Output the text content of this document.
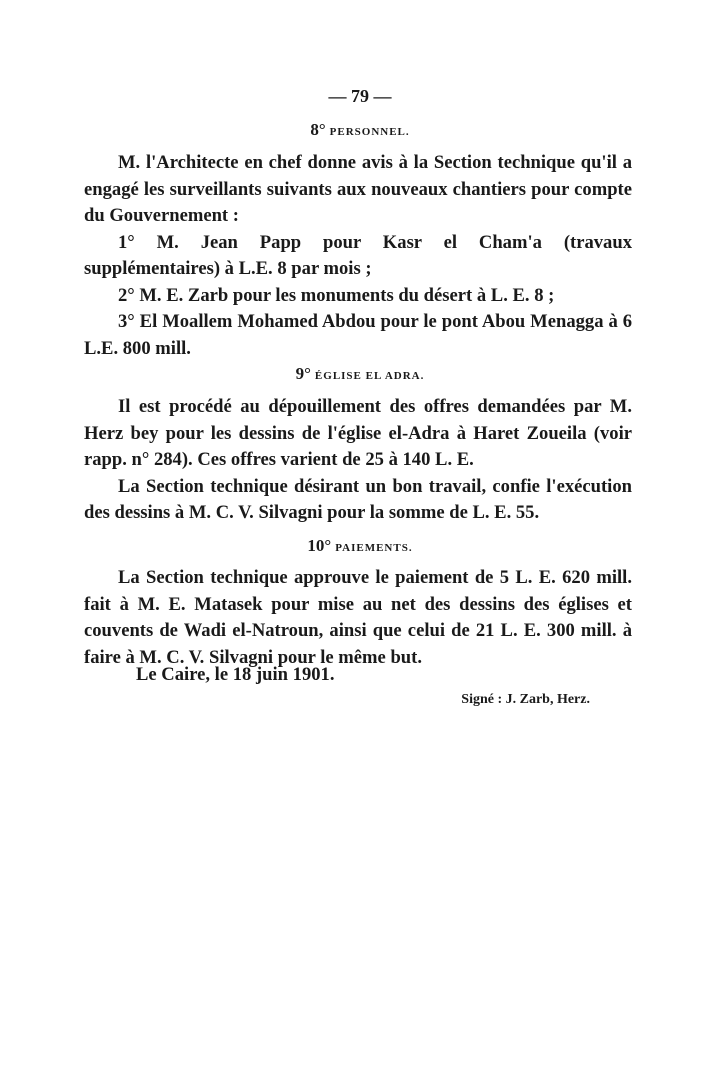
— 79 —
8° PERSONNEL.

M. l'Architecte en chef donne avis à la Section technique qu'il a engagé les surveillants suivants aux nouveaux chantiers pour compte du Gouvernement :

1° M. Jean Papp pour Kasr el Cham'a (travaux supplémentaires) à L.E. 8 par mois ;

2° M. E. Zarb pour les monuments du désert à L. E. 8 ;

3° El Moallem Mohamed Abdou pour le pont Abou Menagga à 6 L.E. 800 mill.

9° ÉGLISE EL ADRA.

Il est procédé au dépouillement des offres demandées par M. Herz bey pour les dessins de l'église el-Adra à Haret Zoueila (voir rapp. n° 284). Ces offres varient de 25 à 140 L. E.

La Section technique désirant un bon travail, confie l'exécution des dessins à M. C. V. Silvagni pour la somme de L. E. 55.

10° PAIEMENTS.

La Section technique approuve le paiement de 5 L. E. 620 mill. fait à M. E. Matasek pour mise au net des dessins des églises et couvents de Wadi el-Natroun, ainsi que celui de 21 L. E. 300 mill. à faire à M. C. V. Silvagni pour le même but.

Le Caire, le 18 juin 1901.
Signé : J. Zarb, Herz.
